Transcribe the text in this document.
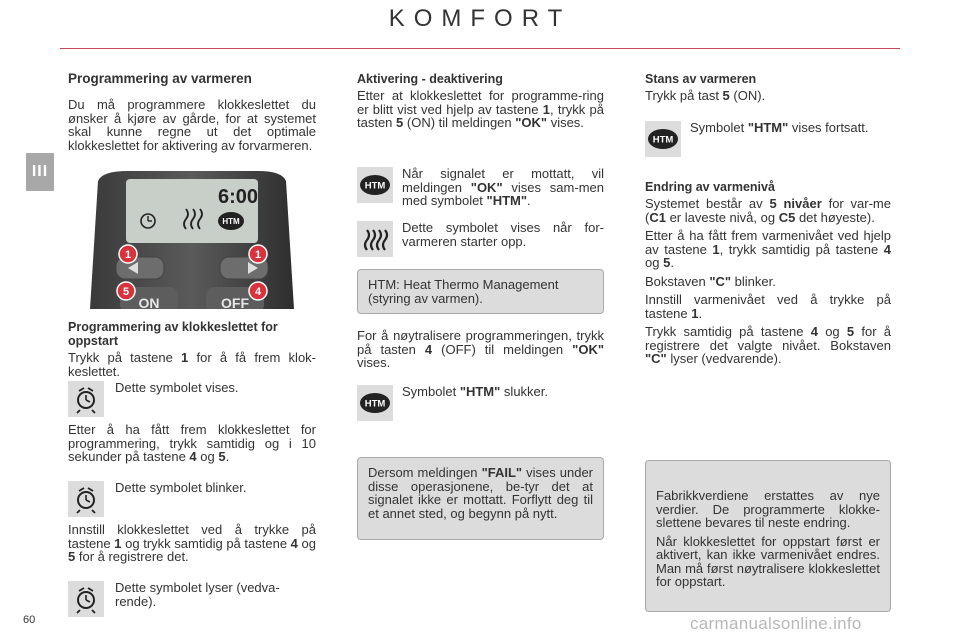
KOMFORT
III
60	carmanualsonline.info
Programmering av varmeren

Du må programmere klokkeslettet du ønsker å kjøre av gårde, for at systemet skal kunne regne ut det optimale klokkeslettet for aktivering av forvarmeren.

6:00
HTM
ON	OFF
1	1
5	4
Programmering av klokkeslettet for oppstart

Trykk på tastene 1 for å få frem klok-keslettet.

Dette symbolet vises.

Etter å ha fått frem klokkeslettet for programmering, trykk samtidig og i 10 sekunder på tastene 4 og 5.

Dette symbolet blinker.

Innstill klokkeslettet ved å trykke på tastene 1 og trykk samtidig på tastene 4 og 5 for å registrere det.

Dette symbolet lyser (vedva-rende).

Aktivering - deaktivering

Etter at klokkeslettet for programme-ring er blitt vist ved hjelp av tastene 1, trykk på tasten 5 (ON) til meldingen "OK" vises.

HTM

Når signalet er mottatt, vil meldingen "OK" vises sam-men med symbolet "HTM".

Dette symbolet vises når for-varmeren starter opp.

HTM: Heat Thermo Management (styring av varmen).

For å nøytralisere programmeringen, trykk på tasten 4 (OFF) til meldingen "OK" vises.

HTM

Symbolet "HTM" slukker.

Dersom meldingen "FAIL" vises under disse operasjonene, be-tyr det at signalet ikke er mottatt. Forflytt deg til et annet sted, og begynn på nytt.

Stans av varmeren

Trykk på tast 5 (ON).

HTM

Symbolet "HTM" vises fortsatt.

Endring av varmenivå

Systemet består av 5 nivåer for var-me (C1 er laveste nivå, og C5 det høyeste).

Etter å ha fått frem varmenivået ved hjelp av tastene 1, trykk samtidig på tastene 4 og 5.

Bokstaven "C" blinker.

Innstill varmenivået ved å trykke på tastene 1.

Trykk samtidig på tastene 4 og 5 for å registrere det valgte nivået. Bokstaven "C" lyser (vedvarende).

Fabrikkverdiene erstattes av nye verdier. De programmerte klokke-slettene bevares til neste endring.

Når klokkeslettet for oppstart først er aktivert, kan ikke varmenivået endres. Man må først nøytralisere klokkeslettet for oppstart.
